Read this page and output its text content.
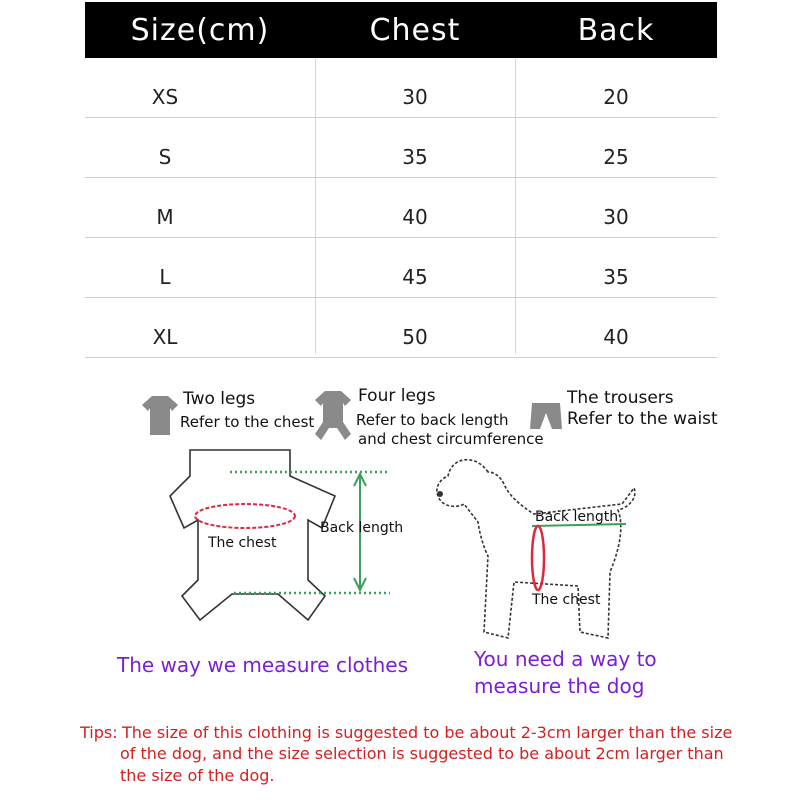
Size(cm)	Chest	Back
XS	30	20
S	35	25
M	40	30
L	45	35
XL	50	40
Two legs
Refer to the chest
Four legs
Refer to back length
and chest circumference
The trousers
Refer to the waist
The chest
Back length
The way we measure clothes
Back length
The chest
You need a way to
measure the dog
Tips: The size of this clothing is suggested to be about 2-3cm larger than the size
of the dog, and the size selection is suggested to be about 2cm larger than
the size of the dog.
